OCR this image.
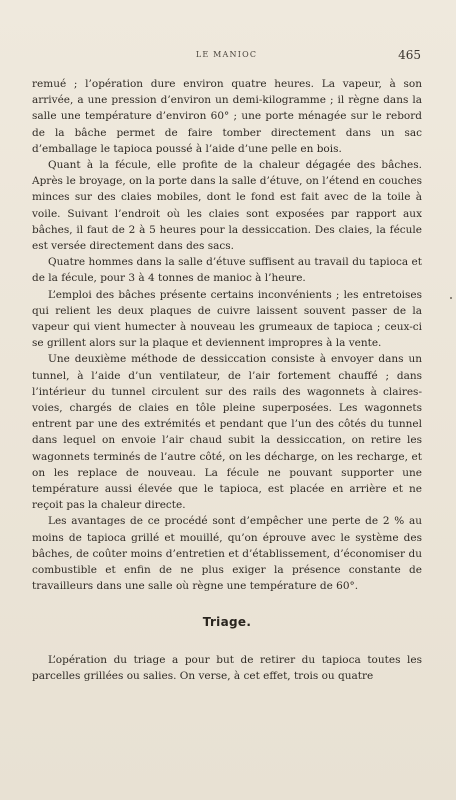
LE MANIOC	465

remué ; l’opération dure environ quatre heures. La vapeur, à son arrivée, a une pression d’environ un demi-kilogramme ; il règne dans la salle une température d’environ 60° ; une porte ménagée sur le rebord de la bâche permet de faire tomber directement dans un sac d’emballage le tapioca poussé à l’aide d’une pelle en bois.

Quant à la fécule, elle profite de la chaleur dégagée des bâches. Après le broyage, on la porte dans la salle d’étuve, on l’étend en couches minces sur des claies mobiles, dont le fond est fait avec de la toile à voile. Suivant l’endroit où les claies sont exposées par rapport aux bâches, il faut de 2 à 5 heures pour la dessiccation. Des claies, la fécule est versée directement dans des sacs.

Quatre hommes dans la salle d’étuve suffisent au travail du tapioca et de la fécule, pour 3 à 4 tonnes de manioc à l’heure.

L’emploi des bâches présente certains inconvénients ; les entretoises qui relient les deux plaques de cuivre laissent souvent passer de la vapeur qui vient humecter à nouveau les grumeaux de tapioca ; ceux-ci se grillent alors sur la plaque et deviennent impropres à la vente.

Une deuxième méthode de dessiccation consiste à envoyer dans un tunnel, à l’aide d’un ventilateur, de l’air fortement chauffé ; dans l’intérieur du tunnel circulent sur des rails des wagonnets à claires-voies, chargés de claies en tôle pleine superposées. Les wagonnets entrent par une des extrémités et pendant que l’un des côtés du tunnel dans lequel on envoie l’air chaud subit la dessiccation, on retire les wagonnets terminés de l’autre côté, on les décharge, on les recharge, et on les replace de nouveau. La fécule ne pouvant supporter une température aussi élevée que le tapioca, est placée en arrière et ne reçoit pas la chaleur directe.

Les avantages de ce procédé sont d’empêcher une perte de 2 % au moins de tapioca grillé et mouillé, qu’on éprouve avec le système des bâches, de coûter moins d’entretien et d’établissement, d’économiser du combustible et enfin de ne plus exiger la présence constante de travailleurs dans une salle où règne une température de 60°.

Triage.

L’opération du triage a pour but de retirer du tapioca toutes les parcelles grillées ou salies. On verse, à cet effet, trois ou quatre
